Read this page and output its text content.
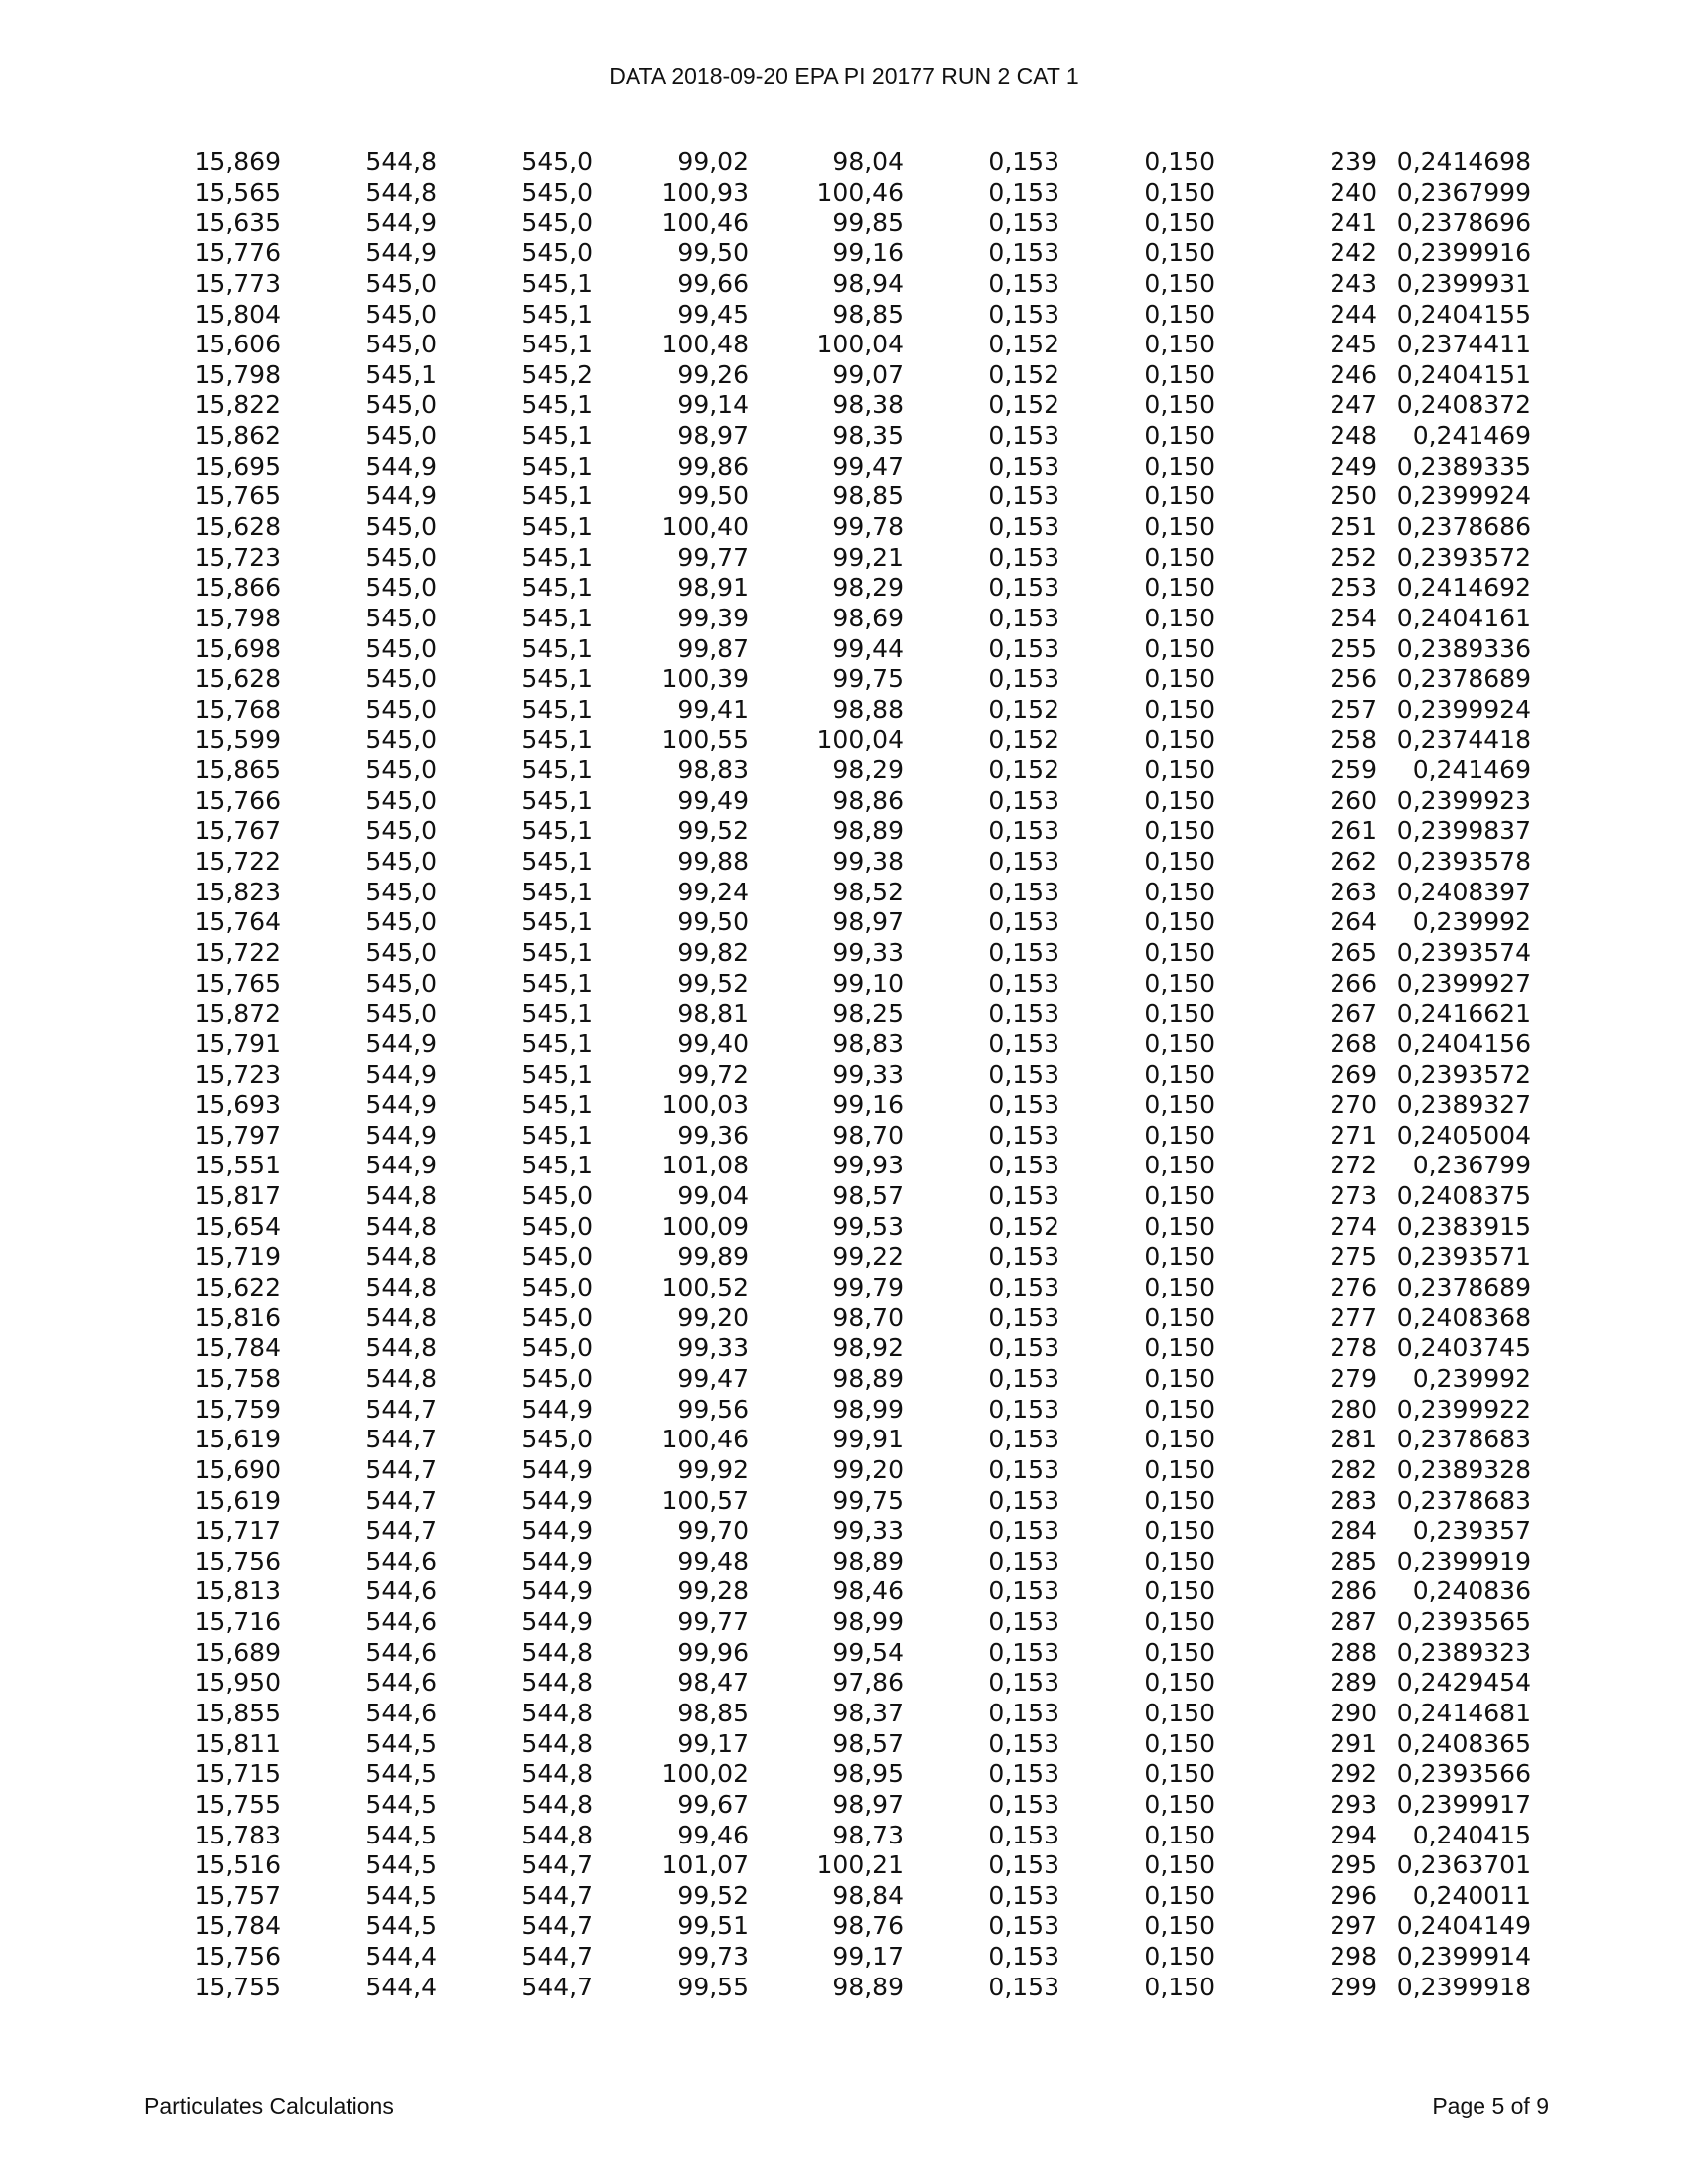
DATA 2018-09-20 EPA PI 20177 RUN 2 CAT 1
15,869	544,8	545,0	99,02	98,04	0,153	0,150	239	0,2414698
15,565	544,8	545,0	100,93	100,46	0,153	0,150	240	0,2367999
15,635	544,9	545,0	100,46	99,85	0,153	0,150	241	0,2378696
15,776	544,9	545,0	99,50	99,16	0,153	0,150	242	0,2399916
15,773	545,0	545,1	99,66	98,94	0,153	0,150	243	0,2399931
15,804	545,0	545,1	99,45	98,85	0,153	0,150	244	0,2404155
15,606	545,0	545,1	100,48	100,04	0,152	0,150	245	0,2374411
15,798	545,1	545,2	99,26	99,07	0,152	0,150	246	0,2404151
15,822	545,0	545,1	99,14	98,38	0,152	0,150	247	0,2408372
15,862	545,0	545,1	98,97	98,35	0,153	0,150	248	0,241469
15,695	544,9	545,1	99,86	99,47	0,153	0,150	249	0,2389335
15,765	544,9	545,1	99,50	98,85	0,153	0,150	250	0,2399924
15,628	545,0	545,1	100,40	99,78	0,153	0,150	251	0,2378686
15,723	545,0	545,1	99,77	99,21	0,153	0,150	252	0,2393572
15,866	545,0	545,1	98,91	98,29	0,153	0,150	253	0,2414692
15,798	545,0	545,1	99,39	98,69	0,153	0,150	254	0,2404161
15,698	545,0	545,1	99,87	99,44	0,153	0,150	255	0,2389336
15,628	545,0	545,1	100,39	99,75	0,153	0,150	256	0,2378689
15,768	545,0	545,1	99,41	98,88	0,152	0,150	257	0,2399924
15,599	545,0	545,1	100,55	100,04	0,152	0,150	258	0,2374418
15,865	545,0	545,1	98,83	98,29	0,152	0,150	259	0,241469
15,766	545,0	545,1	99,49	98,86	0,153	0,150	260	0,2399923
15,767	545,0	545,1	99,52	98,89	0,153	0,150	261	0,2399837
15,722	545,0	545,1	99,88	99,38	0,153	0,150	262	0,2393578
15,823	545,0	545,1	99,24	98,52	0,153	0,150	263	0,2408397
15,764	545,0	545,1	99,50	98,97	0,153	0,150	264	0,239992
15,722	545,0	545,1	99,82	99,33	0,153	0,150	265	0,2393574
15,765	545,0	545,1	99,52	99,10	0,153	0,150	266	0,2399927
15,872	545,0	545,1	98,81	98,25	0,153	0,150	267	0,2416621
15,791	544,9	545,1	99,40	98,83	0,153	0,150	268	0,2404156
15,723	544,9	545,1	99,72	99,33	0,153	0,150	269	0,2393572
15,693	544,9	545,1	100,03	99,16	0,153	0,150	270	0,2389327
15,797	544,9	545,1	99,36	98,70	0,153	0,150	271	0,2405004
15,551	544,9	545,1	101,08	99,93	0,153	0,150	272	0,236799
15,817	544,8	545,0	99,04	98,57	0,153	0,150	273	0,2408375
15,654	544,8	545,0	100,09	99,53	0,152	0,150	274	0,2383915
15,719	544,8	545,0	99,89	99,22	0,153	0,150	275	0,2393571
15,622	544,8	545,0	100,52	99,79	0,153	0,150	276	0,2378689
15,816	544,8	545,0	99,20	98,70	0,153	0,150	277	0,2408368
15,784	544,8	545,0	99,33	98,92	0,153	0,150	278	0,2403745
15,758	544,8	545,0	99,47	98,89	0,153	0,150	279	0,239992
15,759	544,7	544,9	99,56	98,99	0,153	0,150	280	0,2399922
15,619	544,7	545,0	100,46	99,91	0,153	0,150	281	0,2378683
15,690	544,7	544,9	99,92	99,20	0,153	0,150	282	0,2389328
15,619	544,7	544,9	100,57	99,75	0,153	0,150	283	0,2378683
15,717	544,7	544,9	99,70	99,33	0,153	0,150	284	0,239357
15,756	544,6	544,9	99,48	98,89	0,153	0,150	285	0,2399919
15,813	544,6	544,9	99,28	98,46	0,153	0,150	286	0,240836
15,716	544,6	544,9	99,77	98,99	0,153	0,150	287	0,2393565
15,689	544,6	544,8	99,96	99,54	0,153	0,150	288	0,2389323
15,950	544,6	544,8	98,47	97,86	0,153	0,150	289	0,2429454
15,855	544,6	544,8	98,85	98,37	0,153	0,150	290	0,2414681
15,811	544,5	544,8	99,17	98,57	0,153	0,150	291	0,2408365
15,715	544,5	544,8	100,02	98,95	0,153	0,150	292	0,2393566
15,755	544,5	544,8	99,67	98,97	0,153	0,150	293	0,2399917
15,783	544,5	544,8	99,46	98,73	0,153	0,150	294	0,240415
15,516	544,5	544,7	101,07	100,21	0,153	0,150	295	0,2363701
15,757	544,5	544,7	99,52	98,84	0,153	0,150	296	0,240011
15,784	544,5	544,7	99,51	98,76	0,153	0,150	297	0,2404149
15,756	544,4	544,7	99,73	99,17	0,153	0,150	298	0,2399914
15,755	544,4	544,7	99,55	98,89	0,153	0,150	299	0,2399918
Particulates Calculations	Page 5 of 9
